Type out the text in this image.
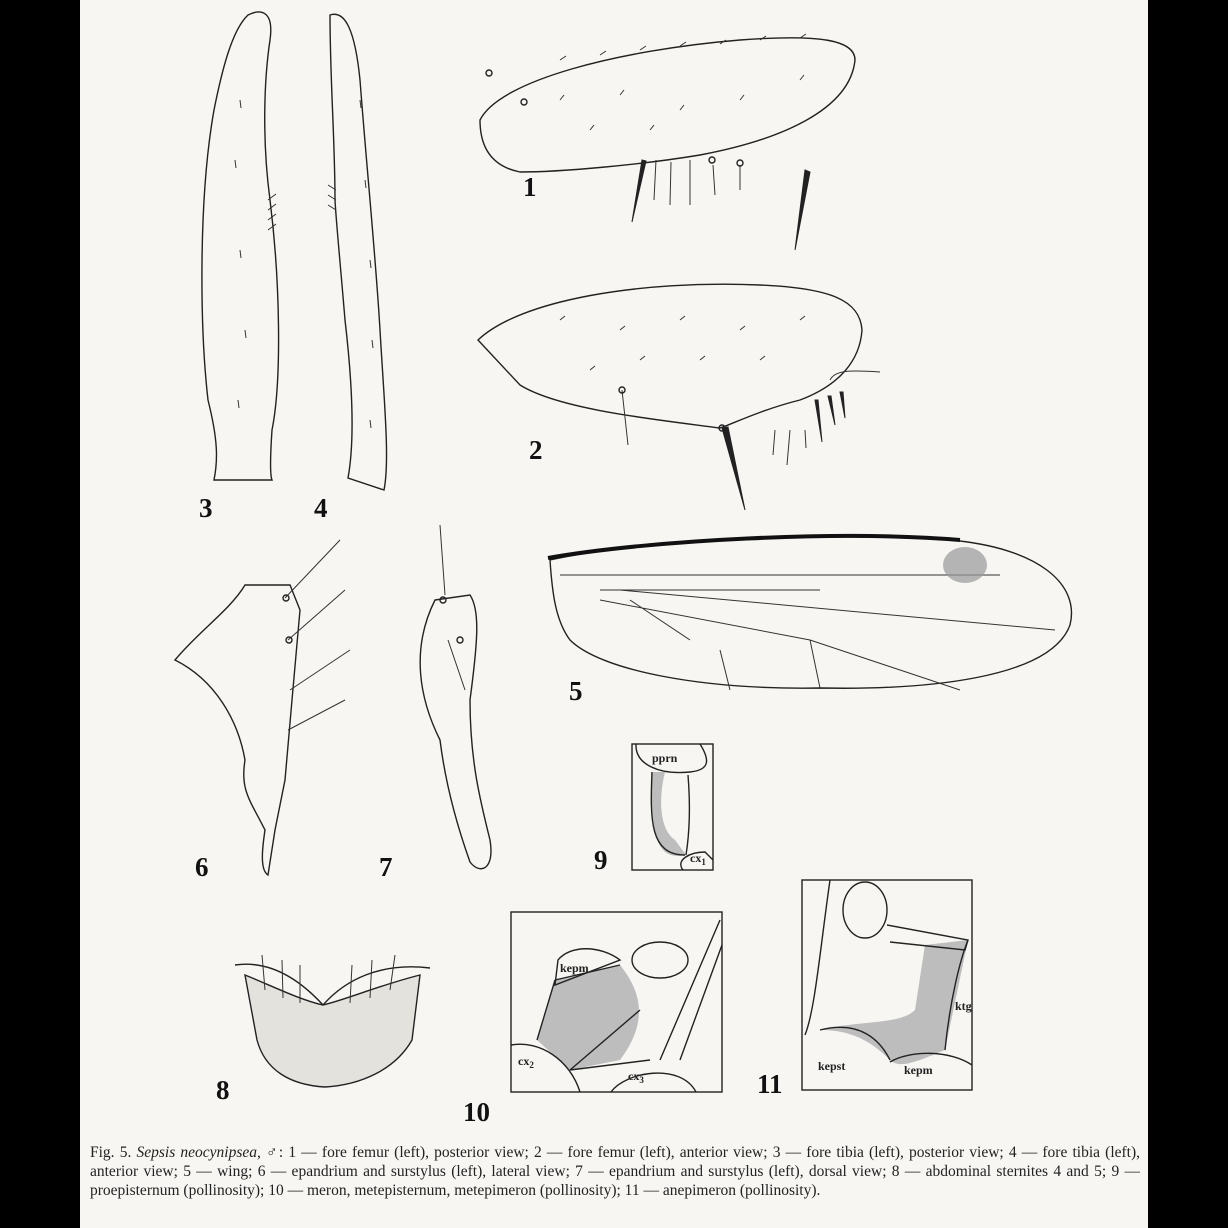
1
2
3	4
5
6	7
8
pprn
$cx_1$
9
kepm
$cx_2$
$cx_3$
10
kepst	kepm
ktg
11
Fig. 5. Sepsis neocynipsea, ♂: 1 — fore femur (left), posterior view; 2 — fore femur (left), anterior view; 3 — fore tibia (left), posterior view; 4 — fore tibia (left), anterior view; 5 — wing; 6 — epandrium and surstylus (left), lateral view; 7 — epandrium and surstylus (left), dorsal view; 8 — abdominal sternites 4 and 5; 9 — proepisternum (pollinosity); 10 — meron, metepisternum, metepimeron (pollinosity); 11 — anepimeron (pollinosity).
